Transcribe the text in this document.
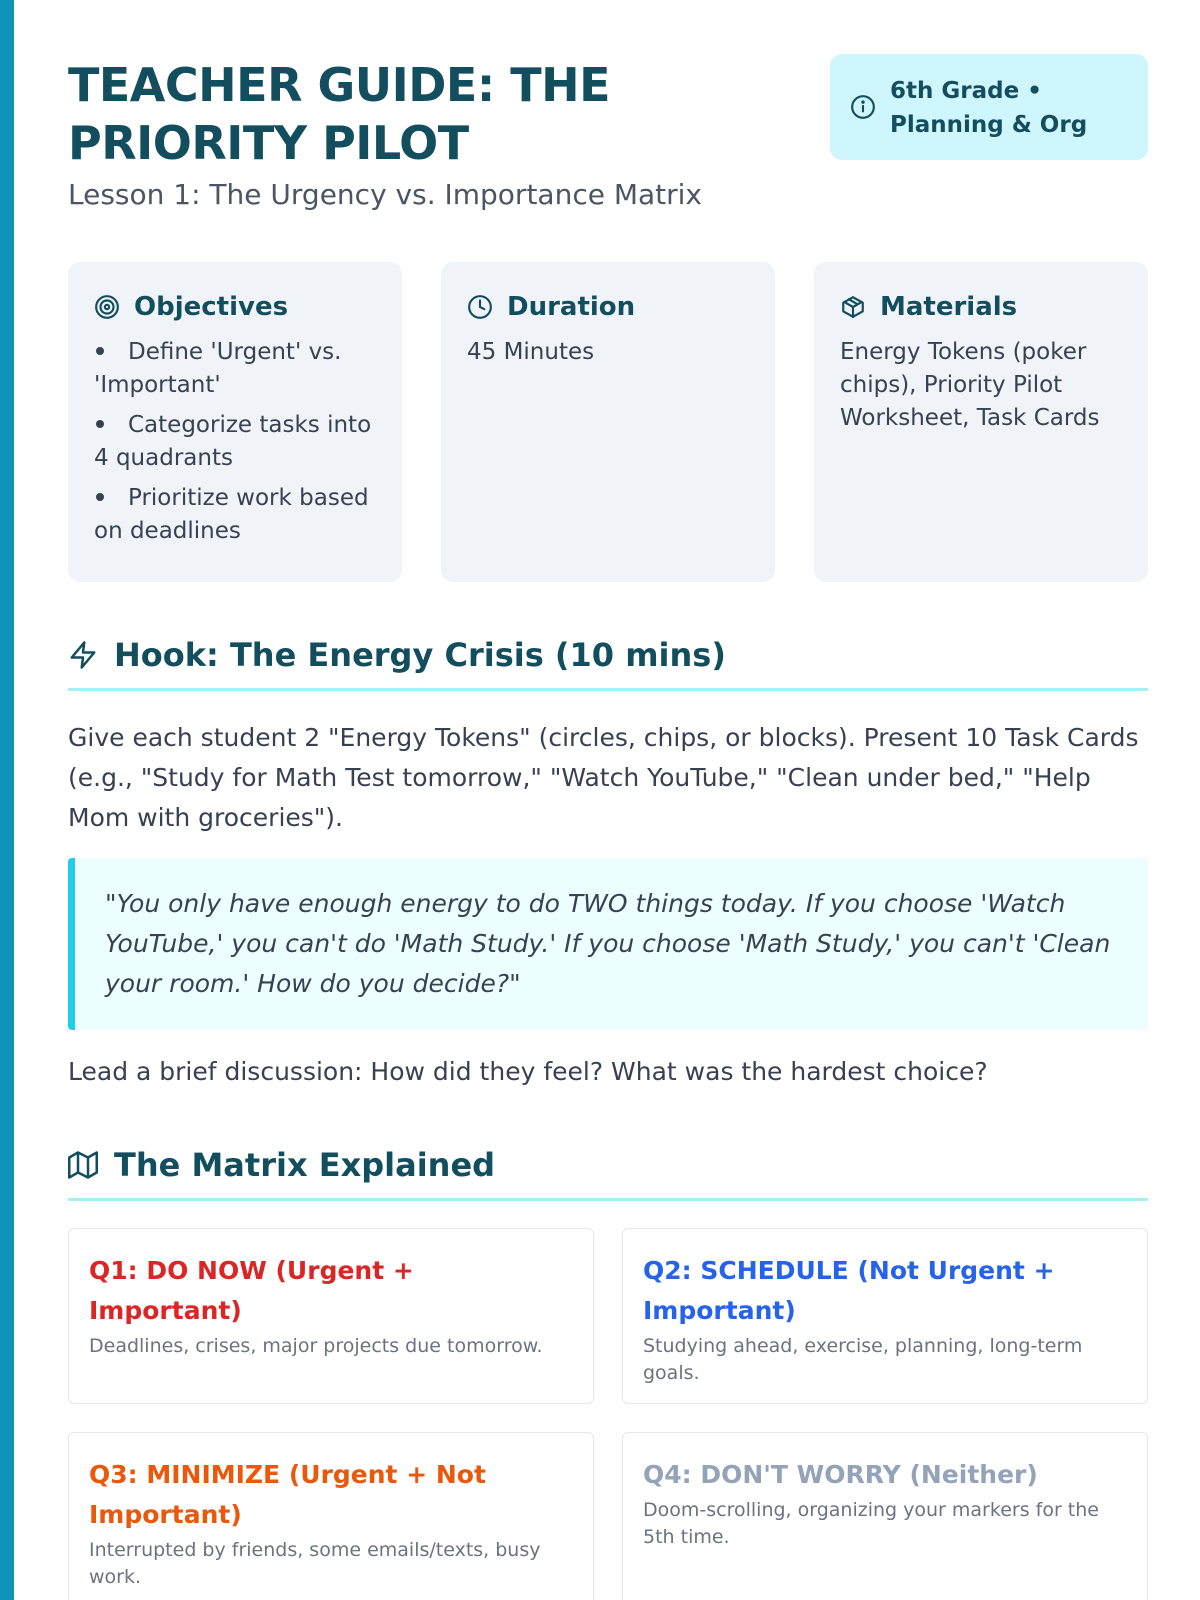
TEACHER GUIDE: THE PRIORITY PILOT
Lesson 1: The Urgency vs. Importance Matrix
6th Grade • Planning & Org
Objectives
Define 'Urgent' vs. 'Important'
Categorize tasks into 4 quadrants
Prioritize work based on deadlines
Duration
45 Minutes
Materials
Energy Tokens (poker chips), Priority Pilot Worksheet, Task Cards
Hook: The Energy Crisis (10 mins)

Give each student 2 "Energy Tokens" (circles, chips, or blocks). Present 10 Task Cards (e.g., "Study for Math Test tomorrow," "Watch YouTube," "Clean under bed," "Help Mom with groceries").

"You only have enough energy to do TWO things today. If you choose 'Watch YouTube,' you can't do 'Math Study.' If you choose 'Math Study,' you can't 'Clean your room.' How do you decide?"

Lead a brief discussion: How did they feel? What was the hardest choice?

The Matrix Explained
Q1: DO NOW (Urgent + Important)
Deadlines, crises, major projects due tomorrow.
Q2: SCHEDULE (Not Urgent + Important)
Studying ahead, exercise, planning, long-term goals.
Q3: MINIMIZE (Urgent + Not Important)
Interrupted by friends, some emails/texts, busy work.
Q4: DON'T WORRY (Neither)
Doom-scrolling, organizing your markers for the 5th time.
